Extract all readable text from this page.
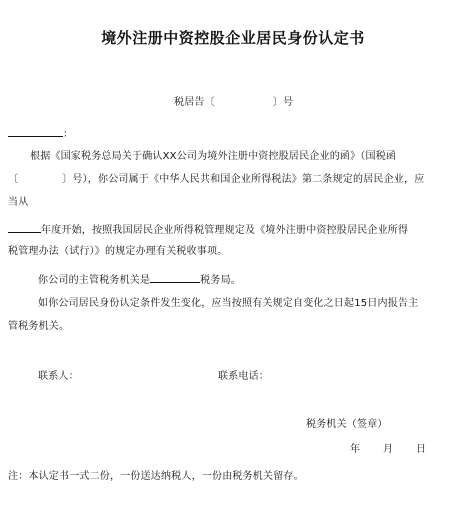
境外注册中资控股企业居民身份认定书
税居告〔	〕号
：
根据《国家税务总局关于确认XX公司为境外注册中资控股居民企业的函》（国税函
〔	〕号），你公司属于《中华人民共和国企业所得税法》第二条规定的居民企业，应
当从
年度开始，按照我国居民企业所得税管理规定及《境外注册中资控股居民企业所得
税管理办法（试行）》的规定办理有关税收事项。
你公司的主管税务机关是	税务局。
如你公司居民身份认定条件发生变化，应当按照有关规定自变化之日起15日内报告主
管税务机关。
联系人：	联系电话：
税务机关（签章）
年 月 日
注：本认定书一式二份，一份送达纳税人，一份由税务机关留存。
